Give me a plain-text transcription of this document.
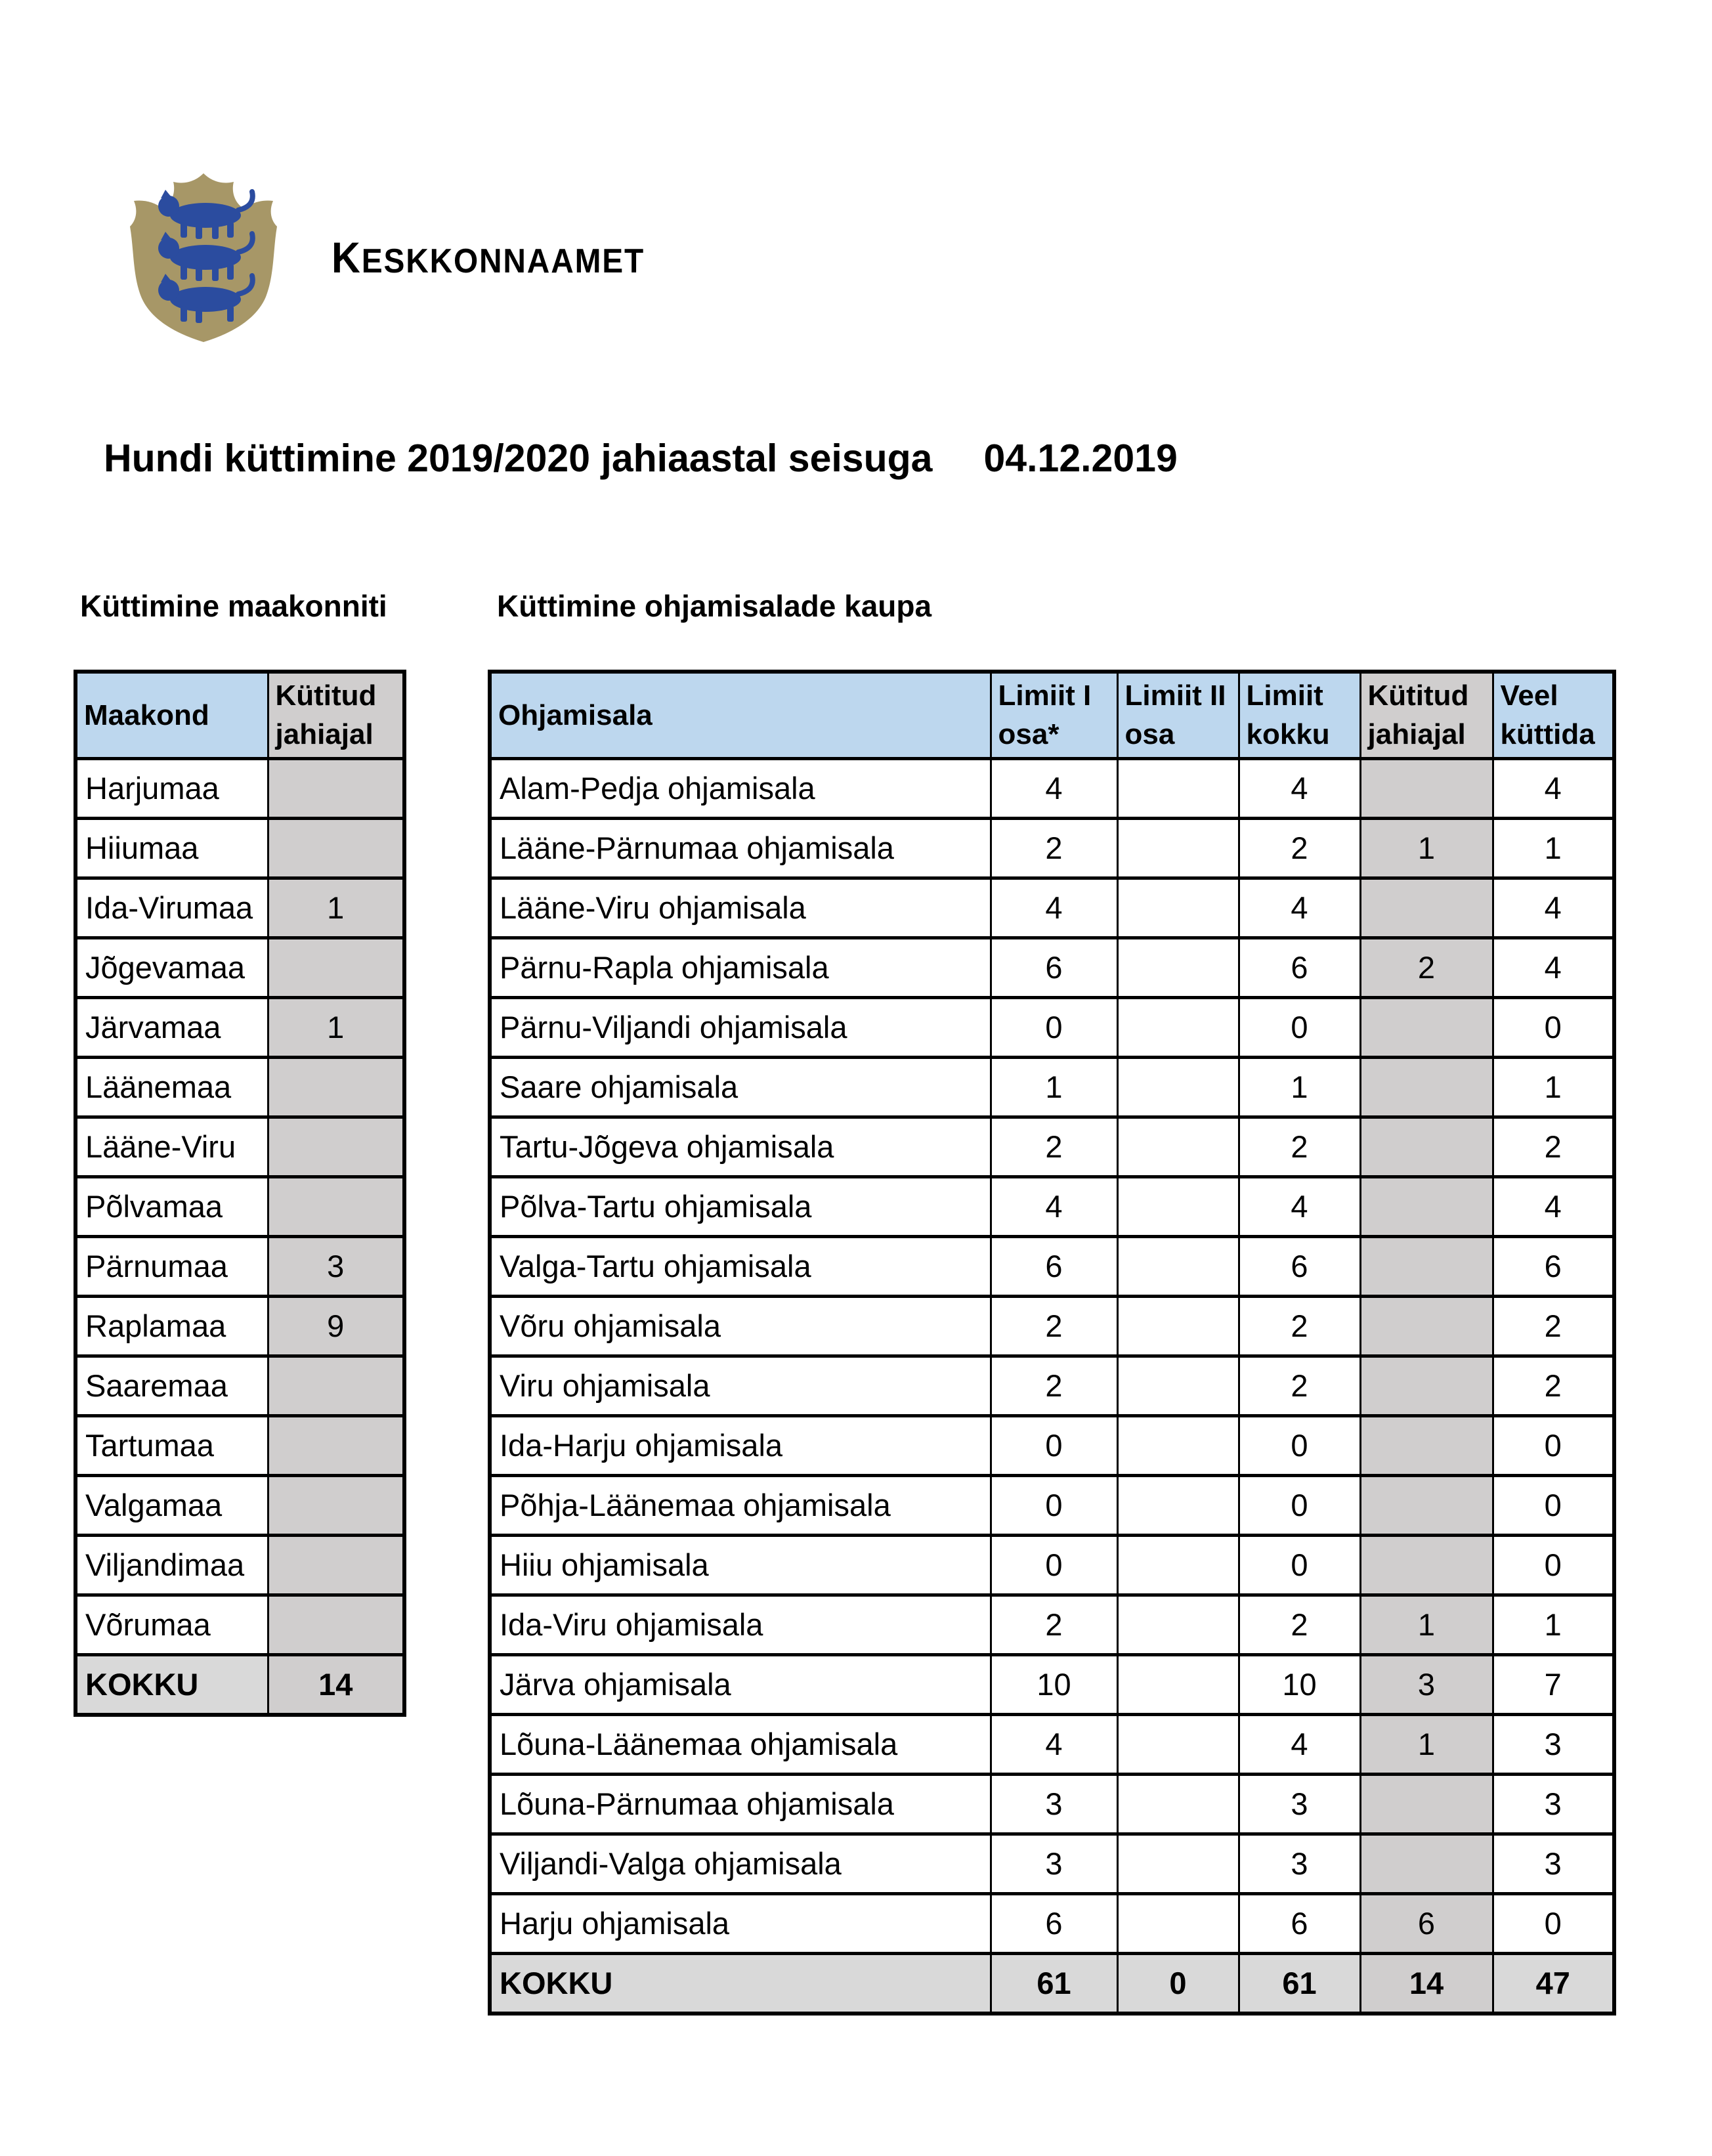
KESKKONNAAMET
Hundi küttimine 2019/2020 jahiaastal seisuga 04.12.2019
Küttimine maakonniti	Küttimine ohjamisalade kaupa
Maakond	Kütitud jahiajal
Harjumaa	
Hiiumaa	
Ida-Virumaa	1
Jõgevamaa	
Järvamaa	1
Läänemaa	
Lääne-Viru	
Põlvamaa	
Pärnumaa	3
Raplamaa	9
Saaremaa	
Tartumaa	
Valgamaa	
Viljandimaa	
Võrumaa	
KOKKU	14
Ohjamisala	Limiit I osa*	Limiit II osa	Limiit kokku	Kütitud jahiajal	Veel küttida
Alam-Pedja ohjamisala	4		4		4
Lääne-Pärnumaa ohjamisala	2		2	1	1
Lääne-Viru ohjamisala	4		4		4
Pärnu-Rapla ohjamisala	6		6	2	4
Pärnu-Viljandi ohjamisala	0		0		0
Saare ohjamisala	1		1		1
Tartu-Jõgeva ohjamisala	2		2		2
Põlva-Tartu ohjamisala	4		4		4
Valga-Tartu ohjamisala	6		6		6
Võru ohjamisala	2		2		2
Viru ohjamisala	2		2		2
Ida-Harju ohjamisala	0		0		0
Põhja-Läänemaa ohjamisala	0		0		0
Hiiu ohjamisala	0		0		0
Ida-Viru ohjamisala	2		2	1	1
Järva ohjamisala	10		10	3	7
Lõuna-Läänemaa ohjamisala	4		4	1	3
Lõuna-Pärnumaa ohjamisala	3		3		3
Viljandi-Valga ohjamisala	3		3		3
Harju ohjamisala	6		6	6	0
KOKKU	61	0	61	14	47
